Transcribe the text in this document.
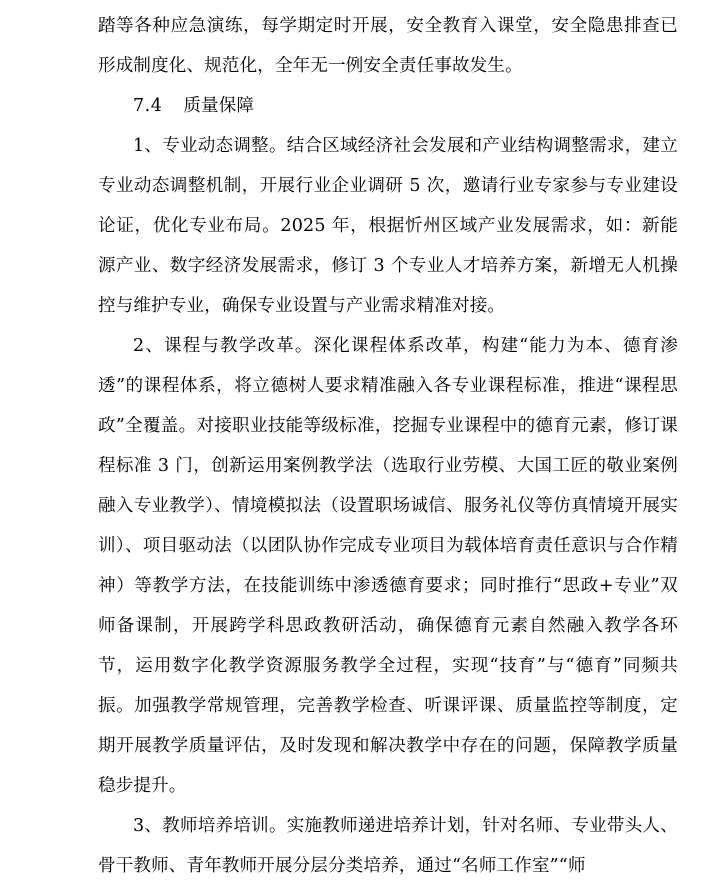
踏等各种应急演练，每学期定时开展，安全教育入课堂，安全隐患排查已形成制度化、规范化，全年无一例安全责任事故发生。

7.4 质量保障

1、专业动态调整。结合区域经济社会发展和产业结构调整需求，建立专业动态调整机制，开展行业企业调研 5 次，邀请行业专家参与专业建设论证，优化专业布局。2025 年，根据忻州区域产业发展需求，如：新能源产业、数字经济发展需求，修订 3 个专业人才培养方案，新增无人机操控与维护专业，确保专业设置与产业需求精准对接。

2、课程与教学改革。深化课程体系改革，构建“能力为本、德育渗透”的课程体系，将立德树人要求精准融入各专业课程标准，推进“课程思政”全覆盖。对接职业技能等级标准，挖掘专业课程中的德育元素，修订课程标准 3 门，创新运用案例教学法（选取行业劳模、大国工匠的敬业案例融入专业教学）、情境模拟法（设置职场诚信、服务礼仪等仿真情境开展实训）、项目驱动法（以团队协作完成专业项目为载体培育责任意识与合作精神）等教学方法，在技能训练中渗透德育要求；同时推行“思政+专业”双师备课制，开展跨学科思政教研活动，确保德育元素自然融入教学各环节，运用数字化教学资源服务教学全过程，实现“技育”与“德育”同频共振。加强教学常规管理，完善教学检查、听课评课、质量监控等制度，定期开展教学质量评估，及时发现和解决教学中存在的问题，保障教学质量稳步提升。

3、教师培养培训。实施教师递进培养计划，针对名师、专业带头人、骨干教师、青年教师开展分层分类培养，通过“名师工作室”“师
